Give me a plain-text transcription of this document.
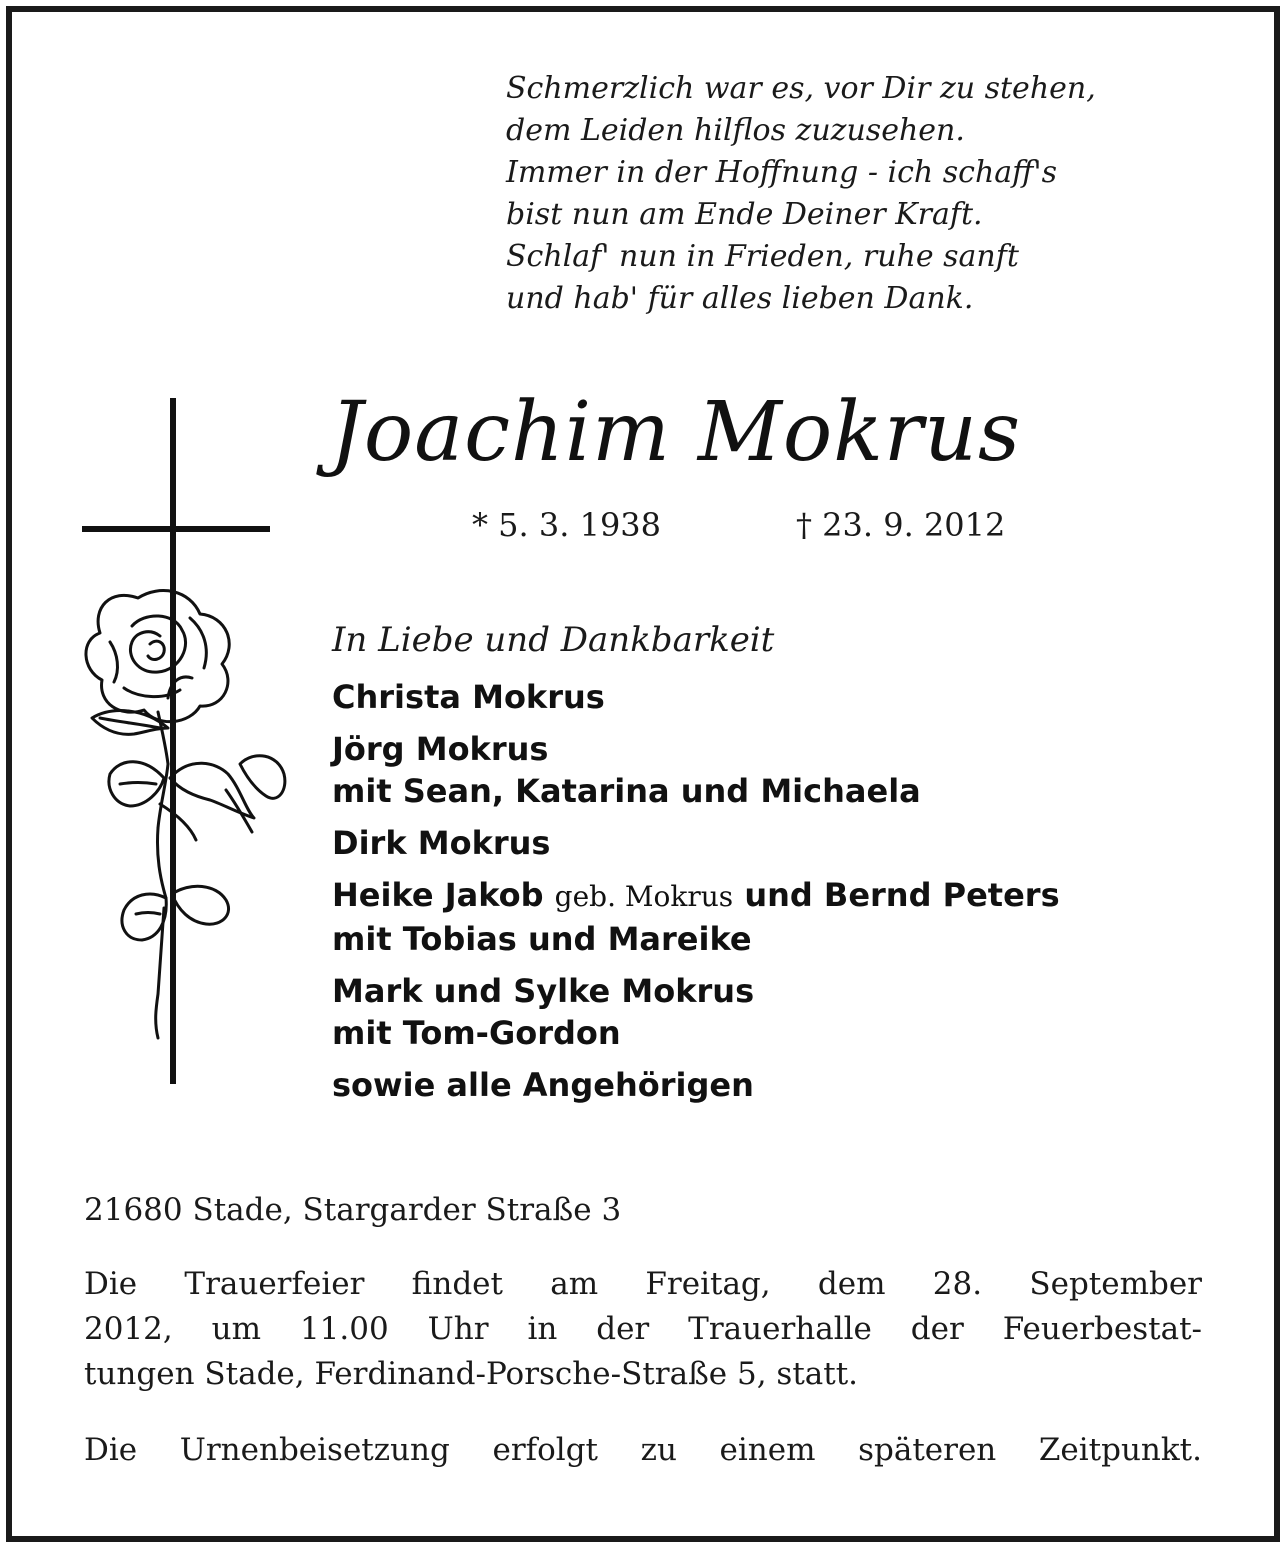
Schmerzlich war es, vor Dir zu stehen,
dem Leiden hilflos zuzusehen.
Immer in der Hoffnung - ich schaff's
bist nun am Ende Deiner Kraft.
Schlaf' nun in Frieden, ruhe sanft
und hab' für alles lieben Dank.
Joachim Mokrus
* 5. 3. 1938	† 23. 9. 2012
In Liebe und Dankbarkeit
Christa Mokrus
Jörg Mokrus
mit Sean, Katarina und Michaela
Dirk Mokrus
Heike Jakob geb. Mokrus und Bernd Peters
mit Tobias und Mareike
Mark und Sylke Mokrus
mit Tom-Gordon
sowie alle Angehörigen
21680 Stade, Stargarder Straße 3
Die Trauerfeier findet am Freitag, dem 28. September
2012, um 11.00 Uhr in der Trauerhalle der Feuerbestat-
tungen Stade, Ferdinand-Porsche-Straße 5, statt.
Die Urnenbeisetzung erfolgt zu einem späteren Zeitpunkt.
